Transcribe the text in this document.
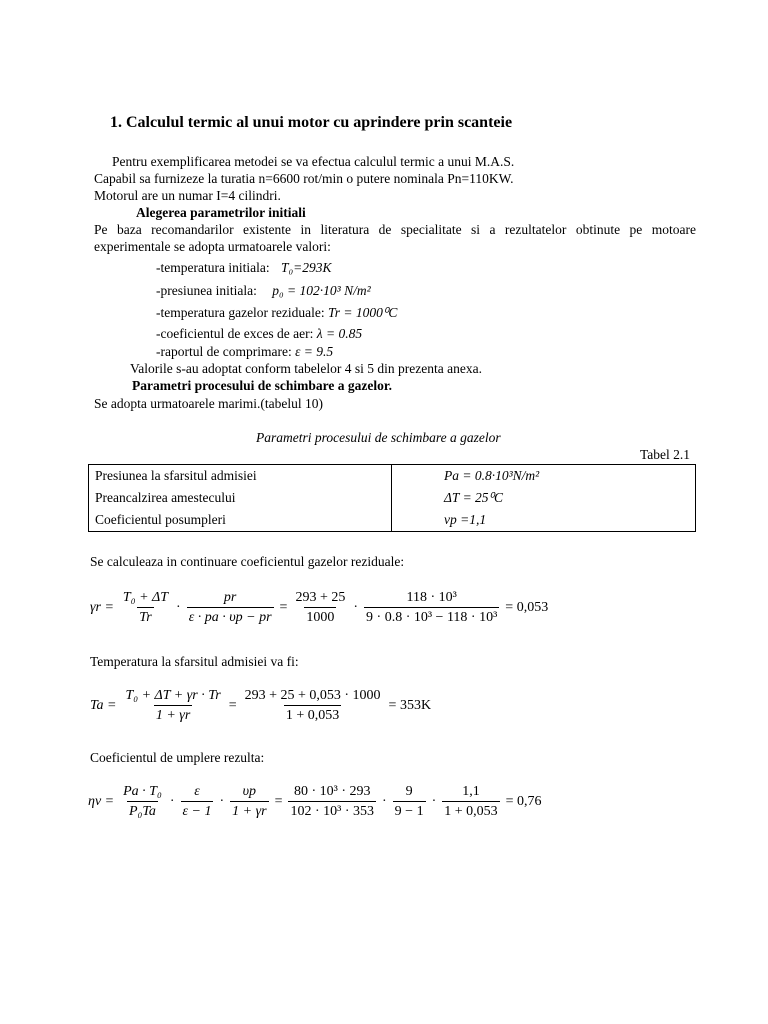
1. Calculul termic al unui motor cu aprindere prin scanteie
Pentru exemplificarea metodei se va efectua calculul termic a unui M.A.S.
Capabil sa furnizeze la turatia n=6600 rot/min o putere nominala Pn=110KW.
Motorul are un numar I=4 cilindri.
Alegerea parametrilor initiali
Pe baza recomandarilor existente in literatura de specialitate si a rezultatelor obtinute pe motoare
experimentale se adopta urmatoarele valori:
-temperatura initiala: T₀=293K
-presiunea initiala: p₀ = 102·10³ N/m²
-temperatura gazelor reziduale: Tr = 1000⁰C
-coeficientul de exces de aer: λ = 0.85
-raportul de comprimare: ε = 9.5
Valorile s-au adoptat conform tabelelor 4 si 5 din prezenta anexa.
Parametri procesului de schimbare a gazelor.
Se adopta urmatoarele marimi.(tabelul 10)
Parametri procesului de schimbare a gazelor
Tabel 2.1
Presiunea la sfarsitul admisiei	Pa = 0.8·10³N/m²
Preancalzirea amestecului	ΔT = 25⁰C
Coeficientul posumpleri	νp =1,1
Se calculeaza in continuare coeficientul gazelor reziduale:
$\gamma r = \frac{\text{T₀ + ΔT}}{Tr} \cdot \frac{pr}{\varepsilon \cdot pa \cdot \upsilon p - pr} = \frac{293 + 25}{1000} \cdot \frac{\text{118 · 10³}}{\text{9 · 0.8 · 10³ − 118 · 10³}} = 0,053$
Temperatura la sfarsitul admisiei va fi:
$Ta = \frac{\text{T₀ + ΔT + γr · Tr}}{1 + \gamma r} = \frac{293 + 25 + 0,053 \cdot 1000}{1 + 0,053} = 353K$
Coeficientul de umplere rezulta:
$\eta v = \frac{\text{Pa · T₀}}{\text{P₀Ta}} \cdot \frac{\varepsilon}{\varepsilon - 1} \cdot \frac{\upsilon p}{1 + \gamma r} = \frac{\text{80 · 10³ · 293}}{\text{102 · 10³ · 353}} \cdot \frac{9}{9 - 1} \cdot \frac{1,1}{1 + 0,053} = 0,76$
